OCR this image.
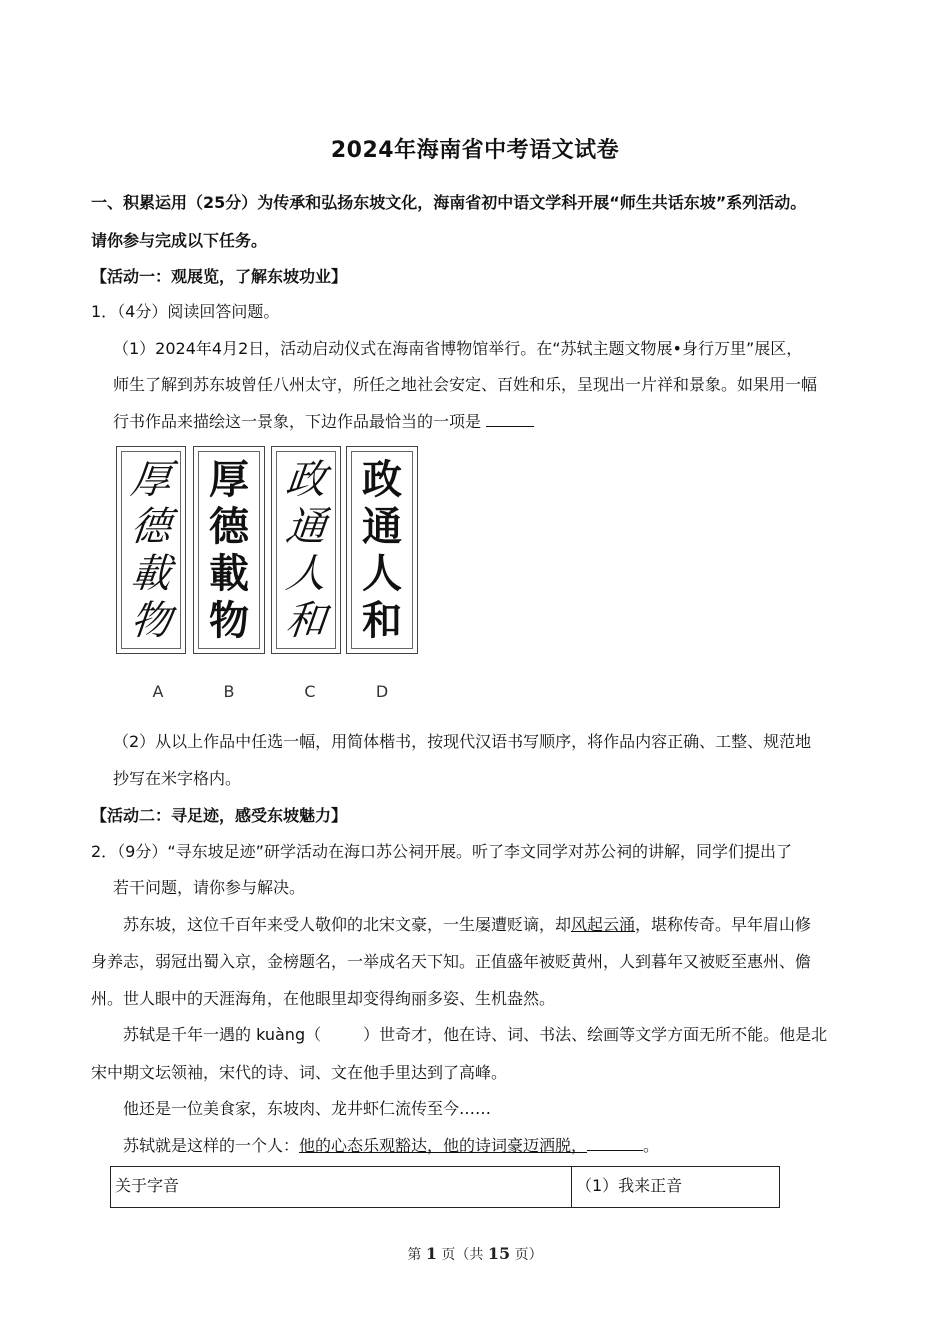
2024年海南省中考语文试卷
一、积累运用（25分）为传承和弘扬东坡文化，海南省初中语文学科开展“师生共话东坡”系列活动。
请你参与完成以下任务。
【活动一：观展览，了解东坡功业】
1．（4分）阅读回答问题。
（1）2024年4月2日，活动启动仪式在海南省博物馆举行。在“苏轼主题文物展•身行万里”展区，
师生了解到苏东坡曾任八州太守，所任之地社会安定、百姓和乐，呈现出一片祥和景象。如果用一幅
行书作品来描绘这一景象，下边作品最恰当的一项是
厚
德
載
物
厚
德
載
物
政
通
人
和
政
通
人
和
A	B	C	D
（2）从以上作品中任选一幅，用简体楷书，按现代汉语书写顺序，将作品内容正确、工整、规范地
抄写在米字格内。
【活动二：寻足迹，感受东坡魅力】
2．（9分）“寻东坡足迹”研学活动在海口苏公祠开展。听了李文同学对苏公祠的讲解，同学们提出了
若干问题，请你参与解决。
苏东坡，这位千百年来受人敬仰的北宋文豪，一生屡遭贬谪，却风起云涌，堪称传奇。早年眉山修
身养志，弱冠出蜀入京，金榜题名，一举成名天下知。正值盛年被贬黄州，人到暮年又被贬至惠州、儋
州。世人眼中的天涯海角，在他眼里却变得绚丽多姿、生机盎然。
苏轼是千年一遇的 kuàng（	）世奇才，他在诗、词、书法、绘画等文学方面无所不能。他是北
宋中期文坛领袖，宋代的诗、词、文在他手里达到了高峰。
他还是一位美食家，东坡肉、龙井虾仁流传至今……
苏轼就是这样的一个人：他的心态乐观豁达，他的诗词豪迈洒脱，	。
关于字音	（1）我来正音
第 1 页（共 15 页）
